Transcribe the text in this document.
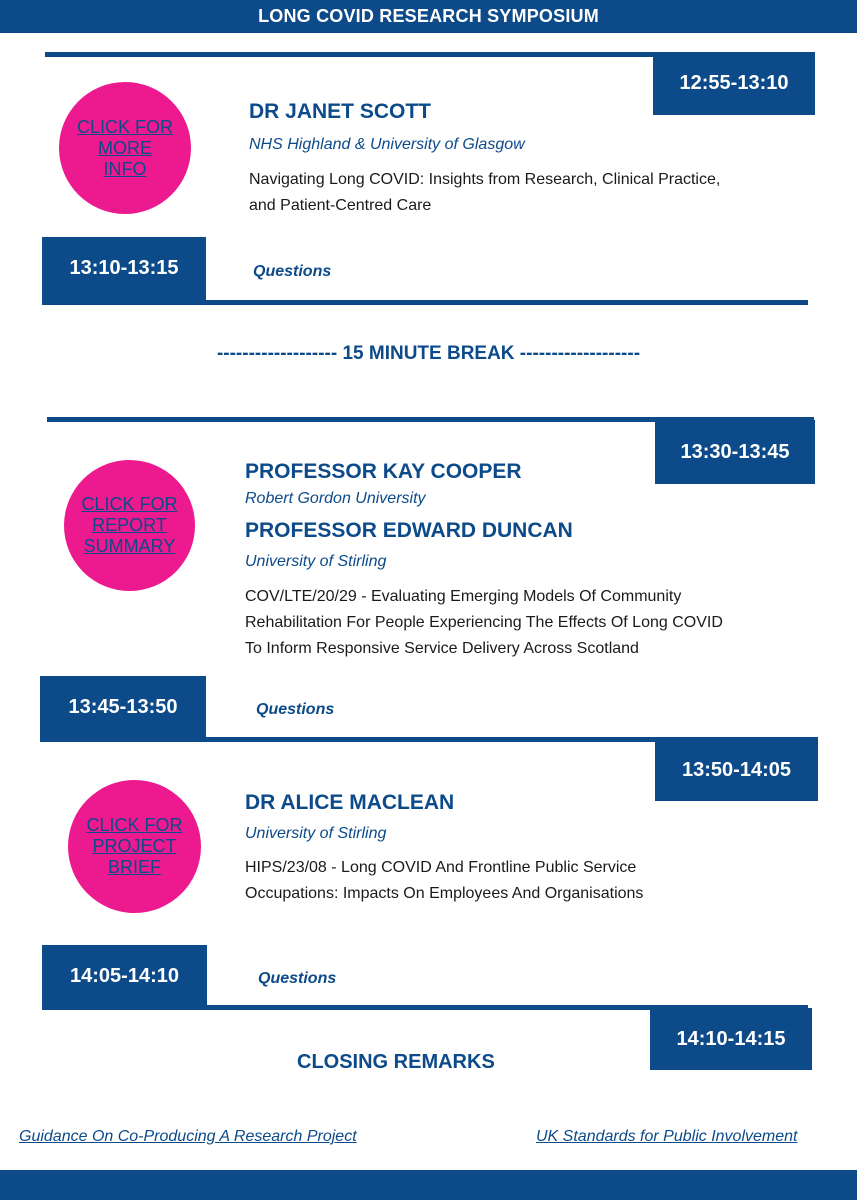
LONG COVID RESEARCH SYMPOSIUM
12:55-13:10
CLICK FOR
MORE
INFO
DR JANET SCOTT
NHS Highland & University of Glasgow
Navigating Long COVID: Insights from Research, Clinical Practice,
and Patient-Centred Care
13:10-13:15	Questions
------------------- 15 MINUTE BREAK -------------------
13:30-13:45
CLICK FOR
REPORT
SUMMARY
PROFESSOR KAY COOPER
Robert Gordon University
PROFESSOR EDWARD DUNCAN
University of Stirling
COV/LTE/20/29 - Evaluating Emerging Models Of Community
Rehabilitation For People Experiencing The Effects Of Long COVID
To Inform Responsive Service Delivery Across Scotland
13:45-13:50	Questions
13:50-14:05
CLICK FOR
PROJECT
BRIEF
DR ALICE MACLEAN
University of Stirling
HIPS/23/08 - Long COVID And Frontline Public Service
Occupations: Impacts On Employees And Organisations
14:05-14:10	Questions
14:10-14:15
CLOSING REMARKS
Guidance On Co-Producing A Research Project	UK Standards for Public Involvement
